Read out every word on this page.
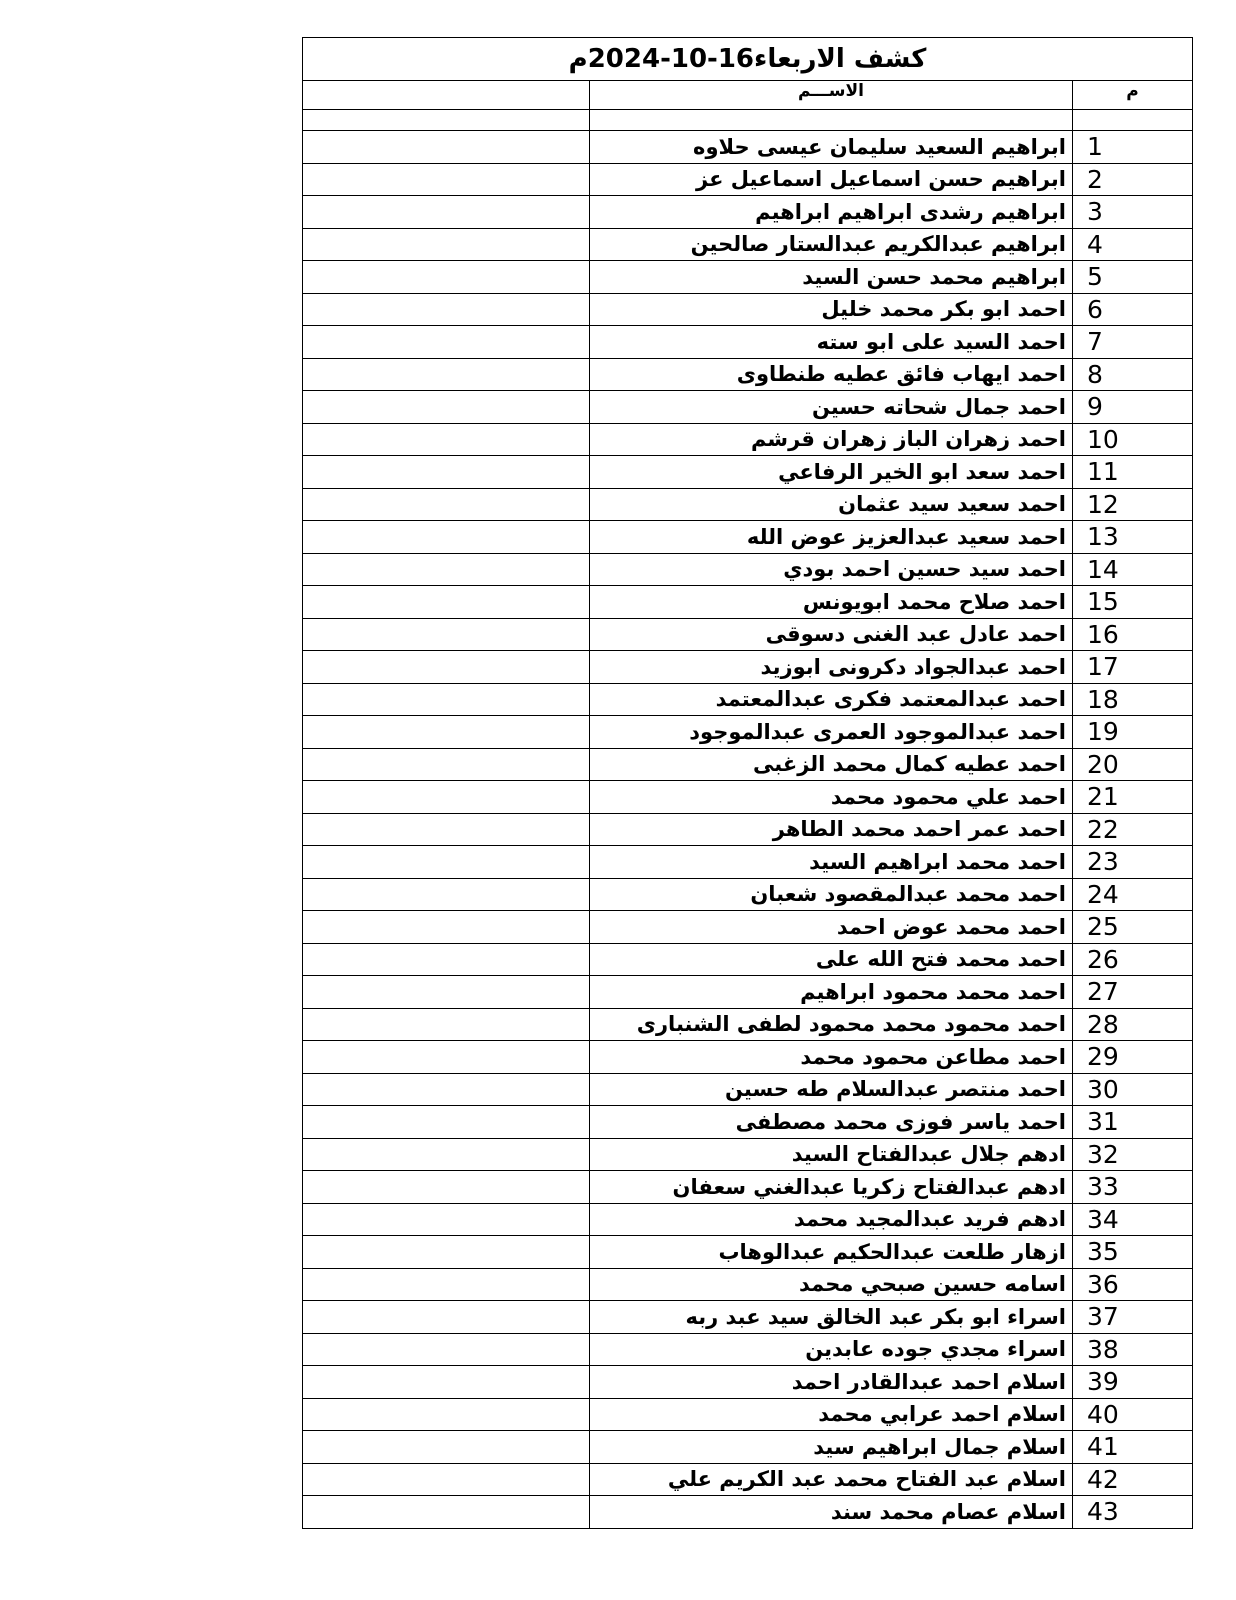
كشف الاربعاء16-10-2024م		
م	الاســـم	

1	ابراهيم السعيد سليمان عيسى حلاوه	
2	ابراهيم حسن اسماعيل اسماعيل عز	
3	ابراهيم رشدى ابراهيم ابراهيم	
4	ابراهيم عبدالكريم عبدالستار صالحين	
5	ابراهيم محمد حسن السيد	
6	احمد ابو بكر محمد خليل	
7	احمد السيد على ابو سته	
8	احمد ايهاب فائق عطيه طنطاوى	
9	احمد جمال شحاته حسين	
10	احمد زهران الباز زهران قرشم	
11	احمد سعد ابو الخير الرفاعي	
12	احمد سعيد سيد عثمان	
13	احمد سعيد عبدالعزيز عوض الله	
14	احمد سيد حسين احمد بودي	
15	احمد صلاح محمد ابويونس	
16	احمد عادل عبد الغنى دسوقى	
17	احمد عبدالجواد دكرونى ابوزيد	
18	احمد عبدالمعتمد فكرى عبدالمعتمد	
19	احمد عبدالموجود العمرى عبدالموجود	
20	احمد عطيه كمال محمد الزغبى	
21	احمد علي محمود محمد	
22	احمد عمر احمد محمد الطاهر	
23	احمد محمد ابراهيم السيد	
24	احمد محمد عبدالمقصود شعبان	
25	احمد محمد عوض احمد	
26	احمد محمد فتح الله على	
27	احمد محمد محمود ابراهيم	
28	احمد محمود محمد محمود لطفى الشنبارى	
29	احمد مطاعن محمود محمد	
30	احمد منتصر عبدالسلام طه حسين	
31	احمد ياسر فوزى محمد مصطفى	
32	ادهم جلال عبدالفتاح السيد	
33	ادهم عبدالفتاح زكريا عبدالغني سعفان	
34	ادهم فريد عبدالمجيد محمد	
35	ازهار طلعت عبدالحكيم عبدالوهاب	
36	اسامه حسين صبحي محمد	
37	اسراء ابو بكر عبد الخالق سيد عبد ربه	
38	اسراء مجدي جوده عابدين	
39	اسلام احمد عبدالقادر احمد	
40	اسلام احمد عرابي محمد	
41	اسلام جمال ابراهيم سيد	
42	اسلام عبد الفتاح محمد عبد الكريم علي	
43	اسلام عصام محمد سند	
